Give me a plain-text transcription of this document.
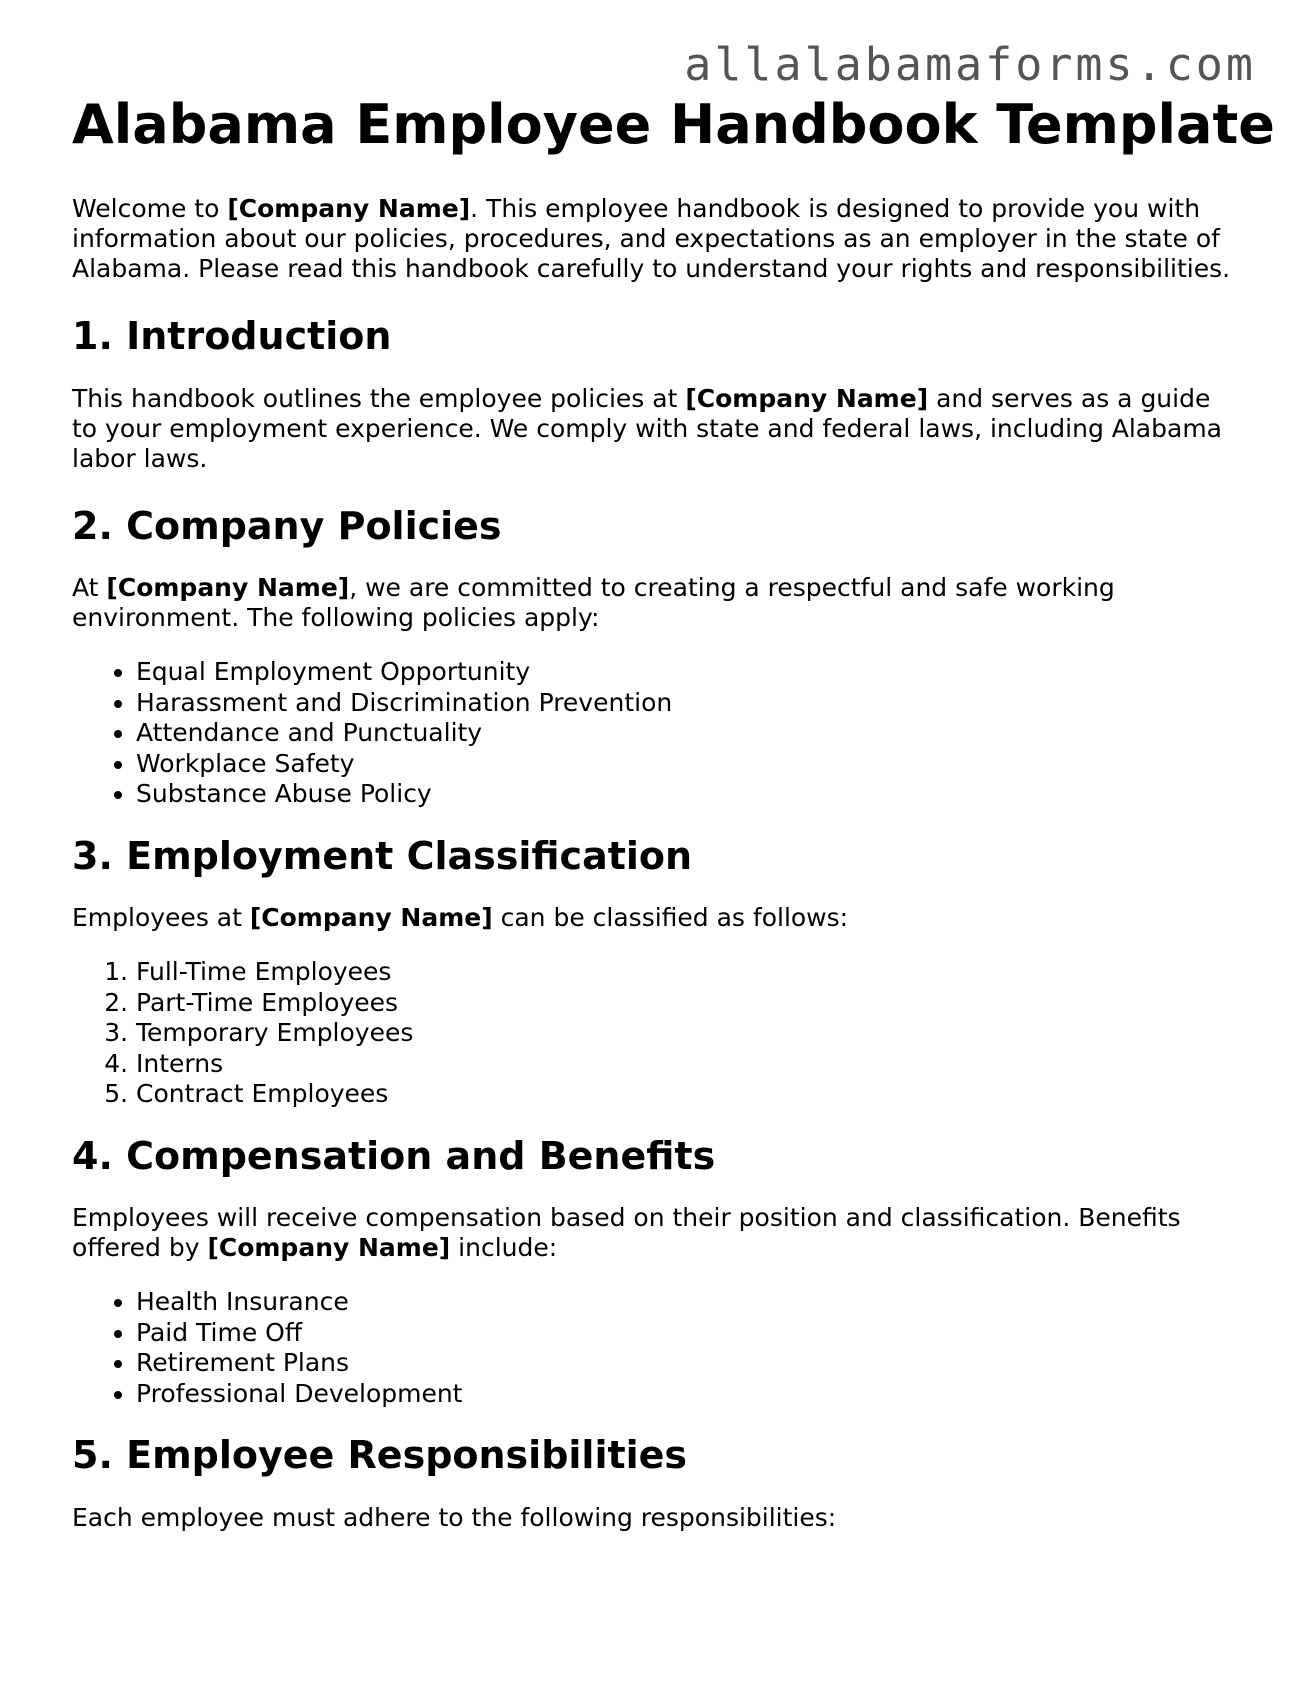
allalabamaforms.com
Alabama Employee Handbook Template

Welcome to [Company Name]. This employee handbook is designed to provide you with information about our policies, procedures, and expectations as an employer in the state of Alabama. Please read this handbook carefully to understand your rights and responsibilities.

1. Introduction

This handbook outlines the employee policies at [Company Name] and serves as a guide to your employment experience. We comply with state and federal laws, including Alabama labor laws.

2. Company Policies

At [Company Name], we are committed to creating a respectful and safe working environment. The following policies apply:

• Equal Employment Opportunity
• Harassment and Discrimination Prevention
• Attendance and Punctuality
• Workplace Safety
• Substance Abuse Policy
3. Employment Classification

Employees at [Company Name] can be classified as follows:

1. Full-Time Employees
2. Part-Time Employees
3. Temporary Employees
4. Interns
5. Contract Employees
4. Compensation and Benefits

Employees will receive compensation based on their position and classification. Benefits offered by [Company Name] include:

• Health Insurance
• Paid Time Off
• Retirement Plans
• Professional Development
5. Employee Responsibilities

Each employee must adhere to the following responsibilities:
